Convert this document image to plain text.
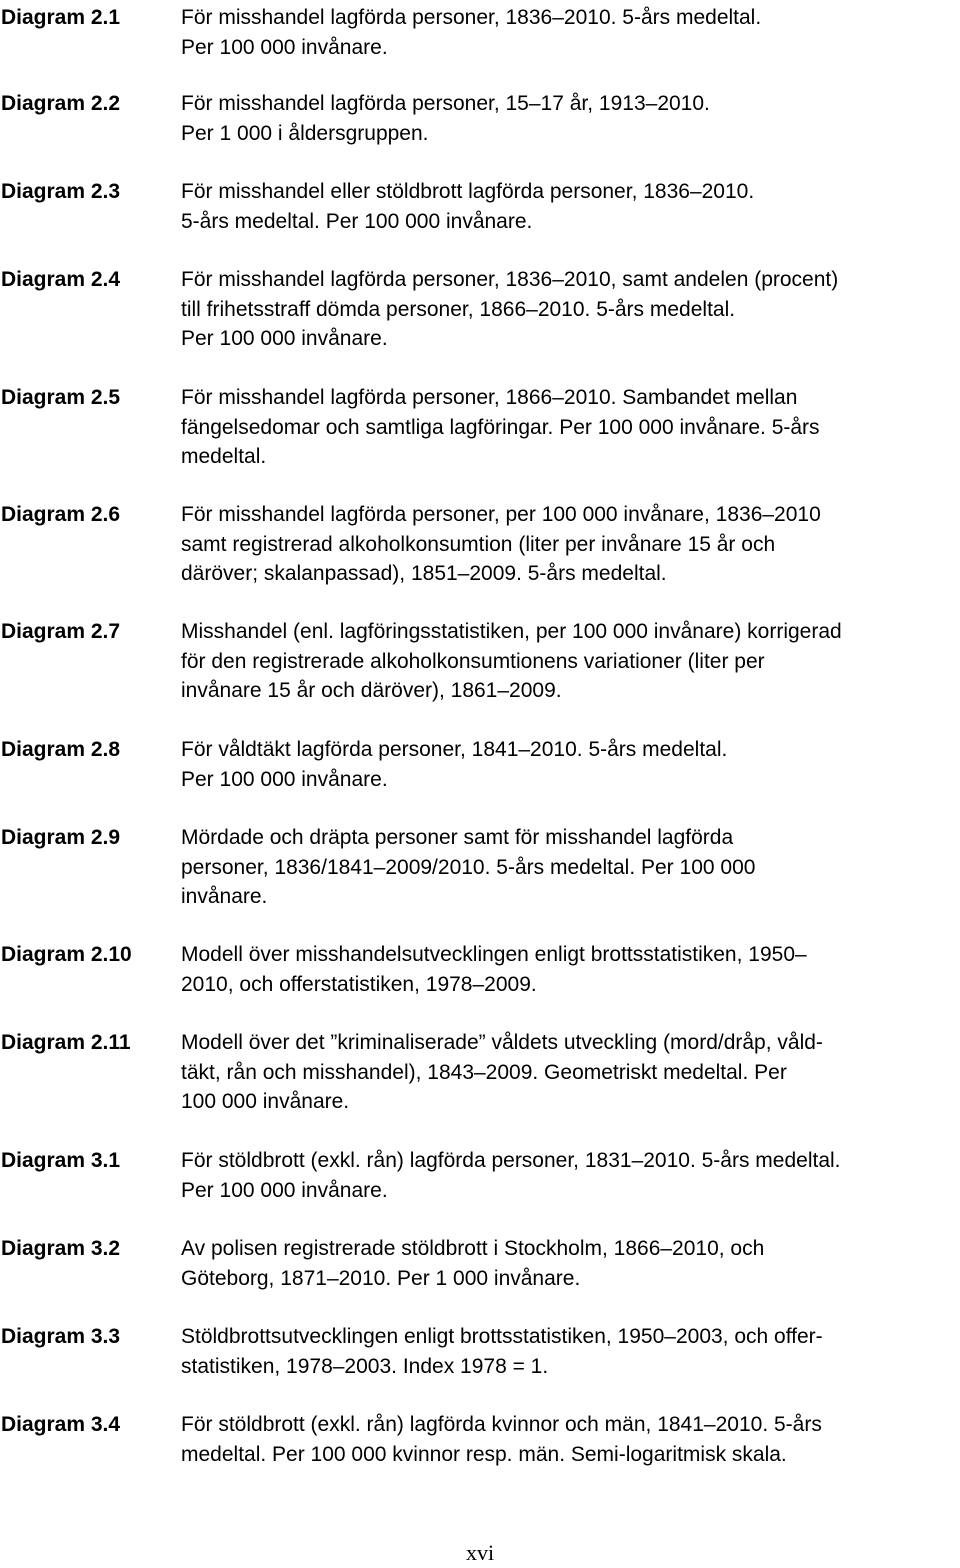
Diagram 2.1	För misshandel lagförda personer, 1836–2010. 5-års medeltal.
Per 100 000 invånare.
Diagram 2.2	För misshandel lagförda personer, 15–17 år, 1913–2010.
Per 1 000 i åldersgruppen.
Diagram 2.3	För misshandel eller stöldbrott lagförda personer, 1836–2010.
5-års medeltal. Per 100 000 invånare.
Diagram 2.4	För misshandel lagförda personer, 1836–2010, samt andelen (procent)
till frihetsstraff dömda personer, 1866–2010. 5-års medeltal.
Per 100 000 invånare.
Diagram 2.5	För misshandel lagförda personer, 1866–2010. Sambandet mellan
fängelsedomar och samtliga lagföringar. Per 100 000 invånare. 5-års
medeltal.
Diagram 2.6	För misshandel lagförda personer, per 100 000 invånare, 1836–2010
samt registrerad alkoholkonsumtion (liter per invånare 15 år och
däröver; skalanpassad), 1851–2009. 5-års medeltal.
Diagram 2.7	Misshandel (enl. lagföringsstatistiken, per 100 000 invånare) korrigerad
för den registrerade alkoholkonsumtionens variationer (liter per
invånare 15 år och däröver), 1861–2009.
Diagram 2.8	För våldtäkt lagförda personer, 1841–2010. 5-års medeltal.
Per 100 000 invånare.
Diagram 2.9	Mördade och dräpta personer samt för misshandel lagförda
personer, 1836/1841–2009/2010. 5-års medeltal. Per 100 000
invånare.
Diagram 2.10 Modell över misshandelsutvecklingen enligt brottsstatistiken, 1950–
2010, och offerstatistiken, 1978–2009.
Diagram 2.11 Modell över det ”kriminaliserade” våldets utveckling (mord/dråp, våld-
täkt, rån och misshandel), 1843–2009. Geometriskt medeltal. Per
100 000 invånare.
Diagram 3.1	För stöldbrott (exkl. rån) lagförda personer, 1831–2010. 5-års medeltal.
Per 100 000 invånare.
Diagram 3.2	Av polisen registrerade stöldbrott i Stockholm, 1866–2010, och
Göteborg, 1871–2010. Per 1 000 invånare.
Diagram 3.3	Stöldbrottsutvecklingen enligt brottsstatistiken, 1950–2003, och offer-
statistiken, 1978–2003. Index 1978 = 1.
Diagram 3.4	För stöldbrott (exkl. rån) lagförda kvinnor och män, 1841–2010. 5-års
medeltal. Per 100 000 kvinnor resp. män. Semi-logaritmisk skala.
xvi
